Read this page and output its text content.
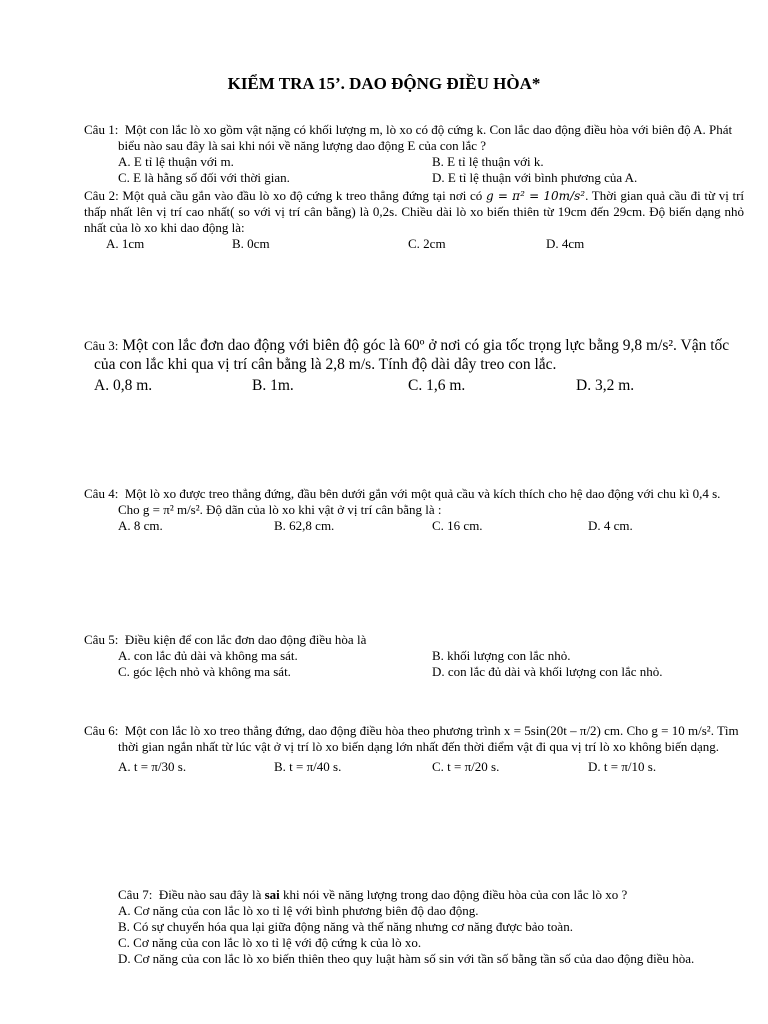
KIỂM TRA 15’. DAO ĐỘNG ĐIỀU HÒA*
Câu 1: Một con lắc lò xo gồm vật nặng có khối lượng m, lò xo có độ cứng k. Con lắc dao động điều hòa với biên độ A. Phát biểu nào sau đây là sai khi nói về năng lượng dao động E của con lắc ?
A. E tỉ lệ thuận với m.	B. E tỉ lệ thuận với k.
C. E là hằng số đối với thời gian.	D. E tỉ lệ thuận với bình phương của A.
Câu 2: Một quả cầu gắn vào đầu lò xo độ cứng k treo thẳng đứng tại nơi có g = π² = 10m/s². Thời gian quả cầu đi từ vị trí thấp nhất lên vị trí cao nhất( so với vị trí cân bằng) là 0,2s. Chiều dài lò xo biến thiên từ 19cm đến 29cm. Độ biến dạng nhỏ nhất của lò xo khi dao động là:
A. 1cm	B. 0cm	C. 2cm	D. 4cm
Câu 3: Một con lắc đơn dao động với biên độ góc là 60º ở nơi có gia tốc trọng lực bằng 9,8 m/s². Vận tốc của con lắc khi qua vị trí cân bằng là 2,8 m/s. Tính độ dài dây treo con lắc.
A. 0,8 m.	B. 1m.	C. 1,6 m.	D. 3,2 m.
Câu 4: Một lò xo được treo thẳng đứng, đầu bên dưới gắn với một quả cầu và kích thích cho hệ dao động với chu kì 0,4 s. Cho g = π² m/s². Độ dãn của lò xo khi vật ở vị trí cân bằng là :
A. 8 cm.	B. 62,8 cm.	C. 16 cm.	D. 4 cm.
Câu 5: Điều kiện để con lắc đơn dao động điều hòa là
A. con lắc đủ dài và không ma sát.	B. khối lượng con lắc nhỏ.
C. góc lệch nhỏ và không ma sát.	D. con lắc đủ dài và khối lượng con lắc nhỏ.
Câu 6: Một con lắc lò xo treo thẳng đứng, dao động điều hòa theo phương trình x = 5sin(20t – π/2) cm. Cho g = 10 m/s². Tìm thời gian ngắn nhất từ lúc vật ở vị trí lò xo biến dạng lớn nhất đến thời điểm vật đi qua vị trí lò xo không biến dạng.
A. t = π/30 s.	B. t = π/40 s.	C. t = π/20 s.	D. t = π/10 s.
Câu 7: Điều nào sau đây là sai khi nói về năng lượng trong dao động điều hòa của con lắc lò xo ?
A. Cơ năng của con lắc lò xo tỉ lệ với bình phương biên độ dao động.
B. Có sự chuyển hóa qua lại giữa động năng và thế năng nhưng cơ năng được bảo toàn.
C. Cơ năng của con lắc lò xo tỉ lệ với độ cứng k của lò xo.
D. Cơ năng của con lắc lò xo biến thiên theo quy luật hàm số sin với tần số bằng tần số của dao động điều hòa.
